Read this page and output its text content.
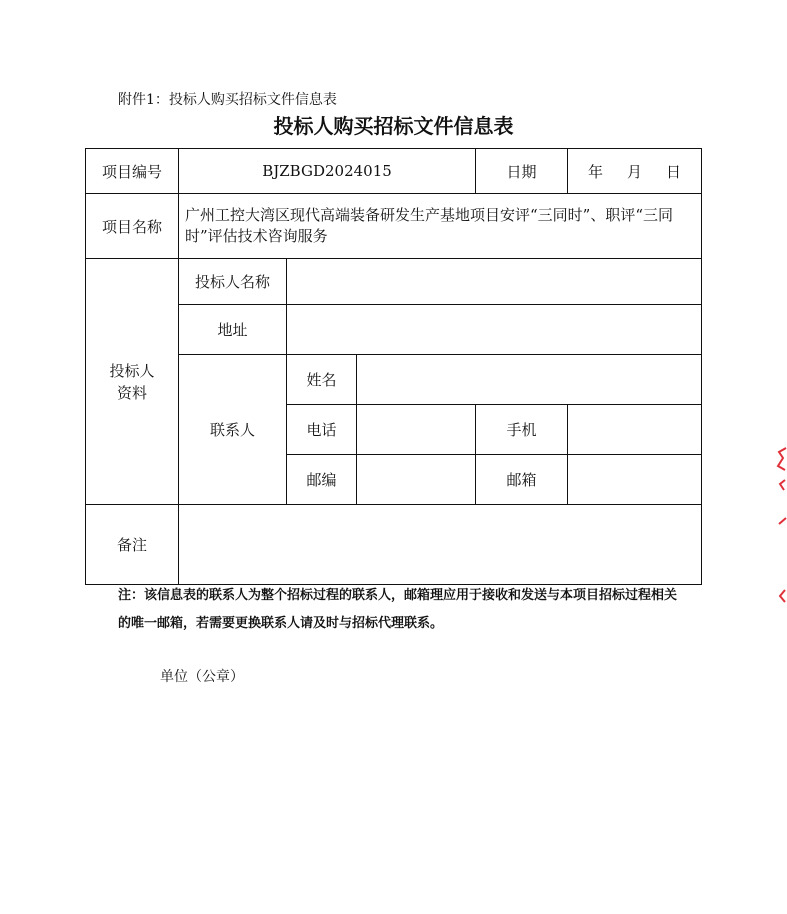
附件1：投标人购买招标文件信息表
投标人购买招标文件信息表
项目编号	BJZBGD2024015			日期	年 月 日

项目名称	广州工控大湾区现代高端装备研发生产基地项目安评“三同时”、职评“三同时”评估技术咨询服务				
投标人
资料	投标人名称				
	地址				
	联系人	姓名			
		电话		手机	
		邮编		邮箱	
备注					
注：该信息表的联系人为整个招标过程的联系人，邮箱理应用于接收和发送与本项目招标过程相关的唯一邮箱，若需要更换联系人请及时与招标代理联系。
单位（公章）
